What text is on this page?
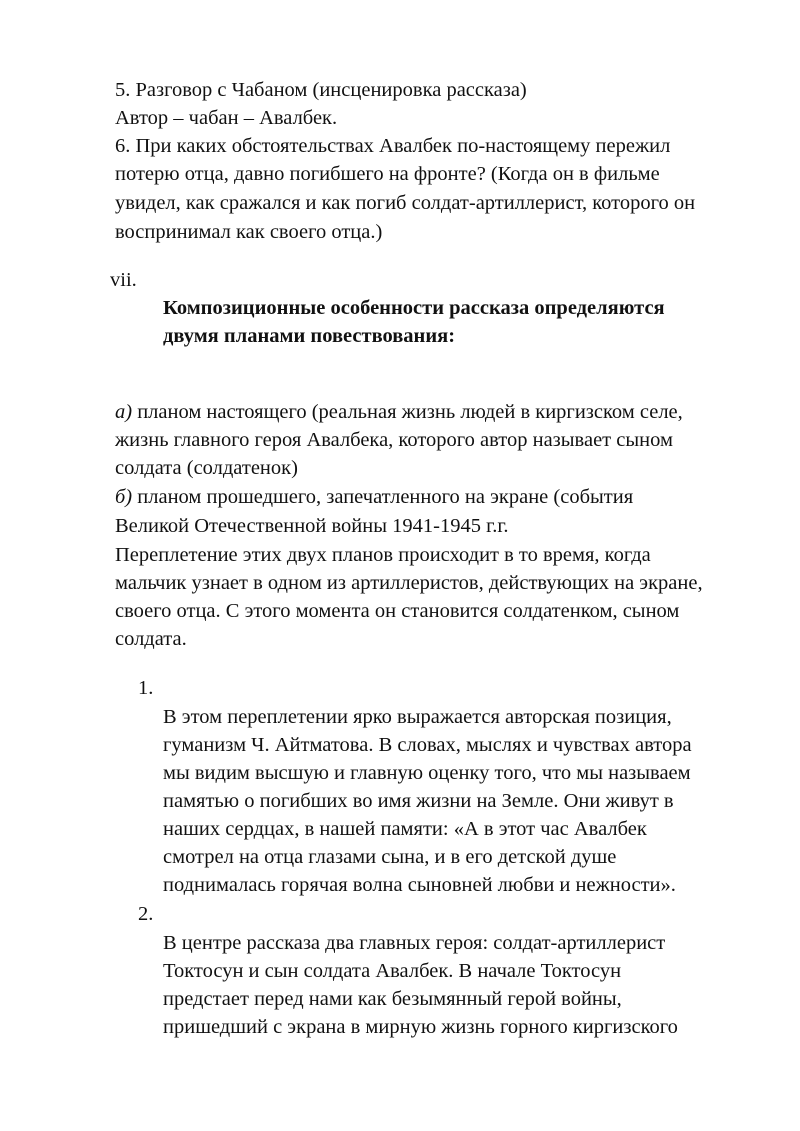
5. Разговор с Чабаном (инсценировка рассказа)
Автор – чабан – Авалбек.
6. При каких обстоятельствах Авалбек по-настоящему пережил
потерю отца, давно погибшего на фронте? (Когда он в фильме
увидел, как сражался и как погиб солдат-артиллерист, которого он
воспринимал как своего отца.)
vii.
Композиционные особенности рассказа определяются
двумя планами повествования:
а) планом настоящего (реальная жизнь людей в киргизском селе,
жизнь главного героя Авалбека, которого автор называет сыном
солдата (солдатенок)
б) планом прошедшего, запечатленного на экране (события
Великой Отечественной войны 1941-1945 г.г.
Переплетение этих двух планов происходит в то время, когда
мальчик узнает в одном из артиллеристов, действующих на экране,
своего отца. С этого момента он становится солдатенком, сыном
солдата.
1.
В этом переплетении ярко выражается авторская позиция,
гуманизм Ч. Айтматова. В словах, мыслях и чувствах автора
мы видим высшую и главную оценку того, что мы называем
памятью о погибших во имя жизни на Земле. Они живут в
наших сердцах, в нашей памяти: «А в этот час Авалбек
смотрел на отца глазами сына, и в его детской душе
поднималась горячая волна сыновней любви и нежности».
2.
В центре рассказа два главных героя: солдат-артиллерист
Токтосун и сын солдата Авалбек. В начале Токтосун
предстает перед нами как безымянный герой войны,
пришедший с экрана в мирную жизнь горного киргизского
